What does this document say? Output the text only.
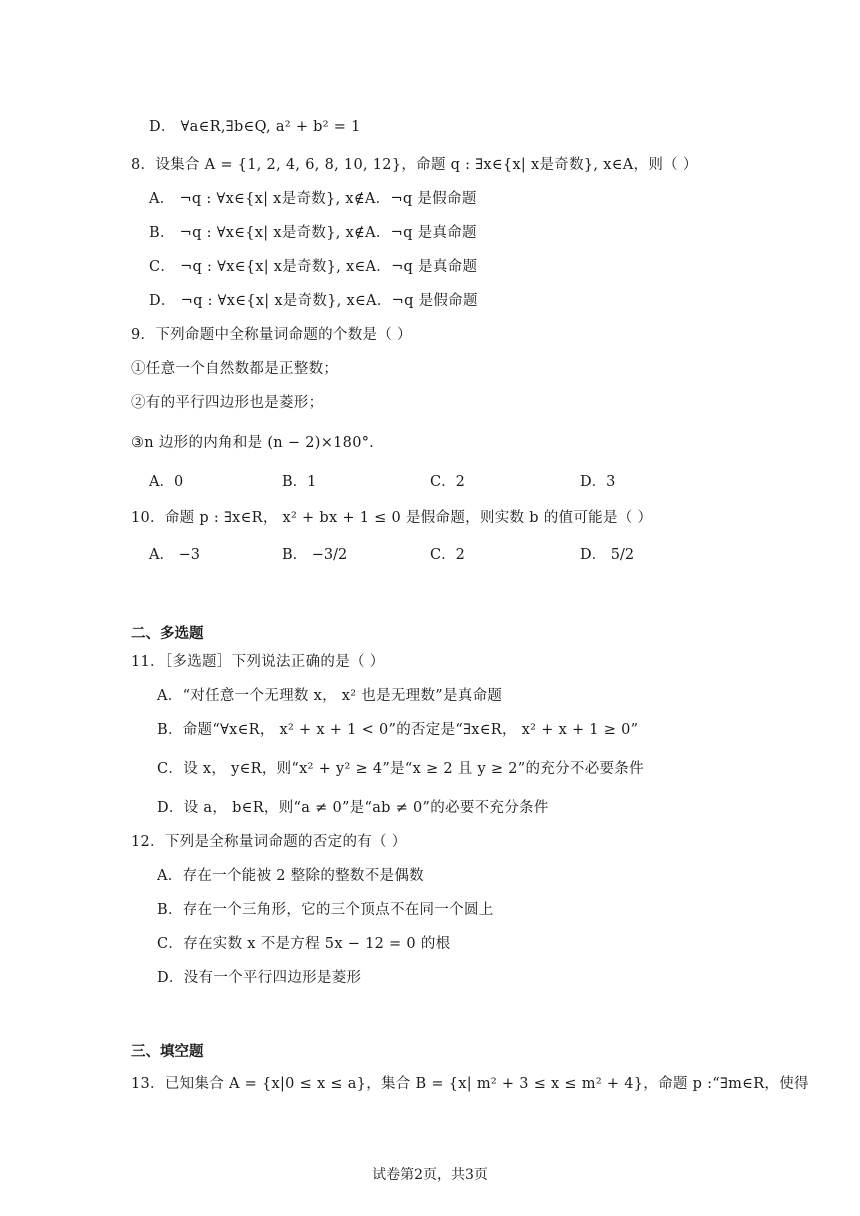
D． ∀a∈R,∃b∈Q, a² + b² = 1
8．设集合 A = {1, 2, 4, 6, 8, 10, 12}，命题 q : ∃x∈{x| x是奇数}, x∈A，则（ ）
A． ¬q : ∀x∈{x| x是奇数}, x∉A．¬q 是假命题
B． ¬q : ∀x∈{x| x是奇数}, x∉A．¬q 是真命题
C． ¬q : ∀x∈{x| x是奇数}, x∈A．¬q 是真命题
D． ¬q : ∀x∈{x| x是奇数}, x∈A．¬q 是假命题
9．下列命题中全称量词命题的个数是（ ）
①任意一个自然数都是正整数；
②有的平行四边形也是菱形；
③n 边形的内角和是 (n − 2)×180°．
A．0	B．1	C．2	D．3
10．命题 p : ∃x∈R， x² + bx + 1 ≤ 0 是假命题，则实数 b 的值可能是（ ）
A． −3	B． −3/2	C．2	D． 5/2
二、多选题
11．［多选题］下列说法正确的是（ ）
A．“对任意一个无理数 x， x² 也是无理数”是真命题
B．命题“∀x∈R， x² + x + 1 < 0”的否定是“∃x∈R， x² + x + 1 ≥ 0”
C．设 x， y∈R，则“x² + y² ≥ 4”是“x ≥ 2 且 y ≥ 2”的充分不必要条件
D．设 a， b∈R，则“a ≠ 0”是“ab ≠ 0”的必要不充分条件
12．下列是全称量词命题的否定的有（ ）
A．存在一个能被 2 整除的整数不是偶数
B．存在一个三角形，它的三个顶点不在同一个圆上
C．存在实数 x 不是方程 5x − 12 = 0 的根
D．没有一个平行四边形是菱形
三、填空题
13．已知集合 A = {x|0 ≤ x ≤ a}，集合 B = {x| m² + 3 ≤ x ≤ m² + 4}，命题 p :“∃m∈R，使得
试卷第2页，共3页
